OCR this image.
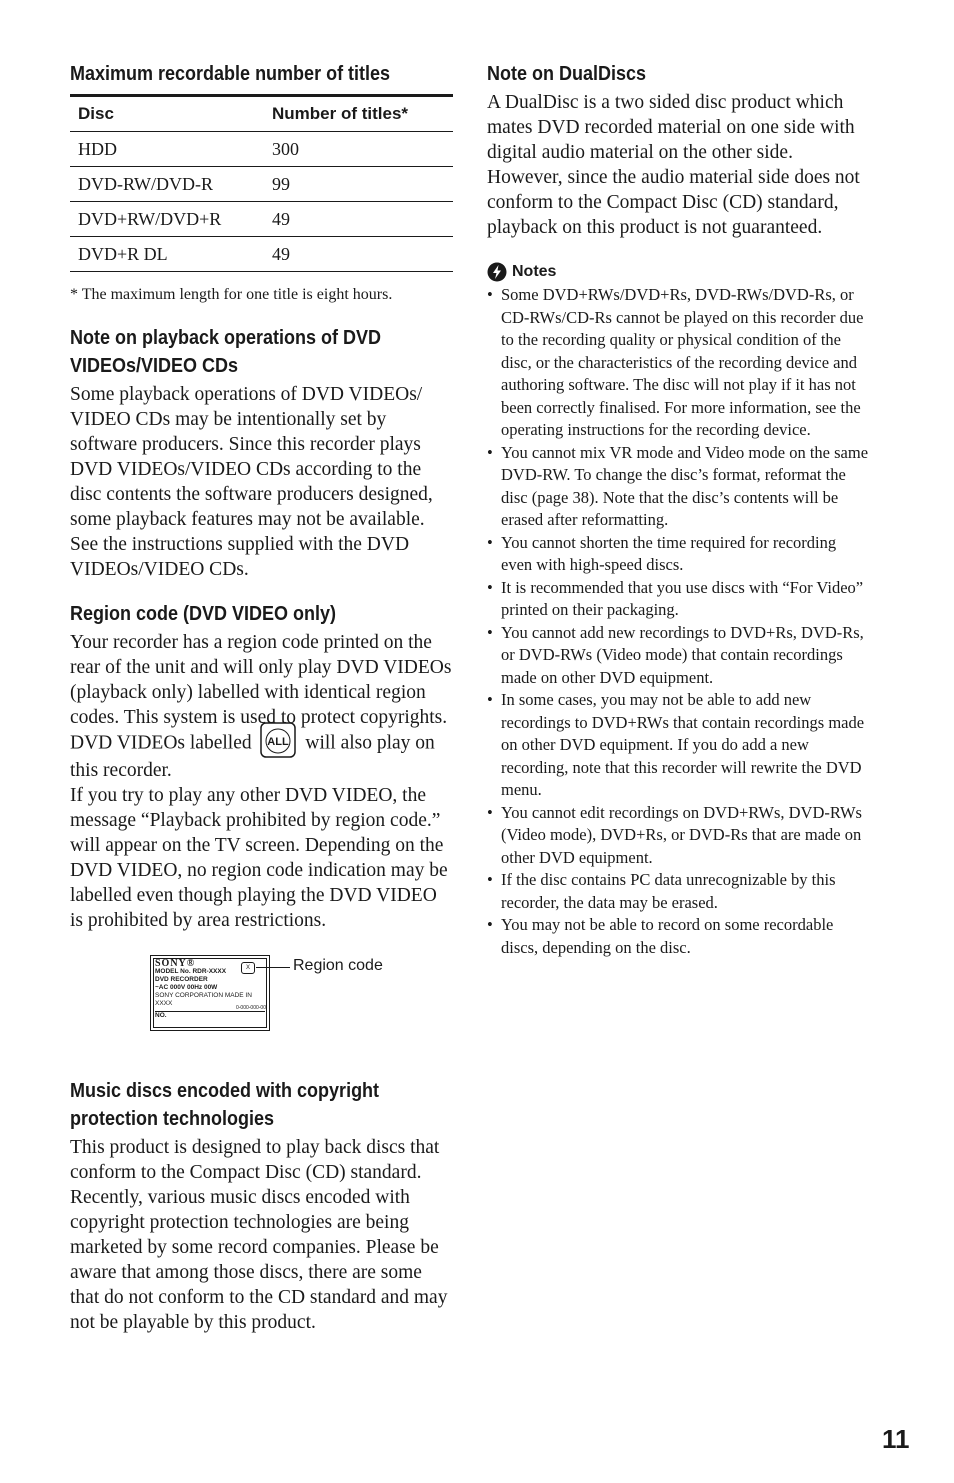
Maximum recordable number of titles
Disc	Number of titles*
HDD	300
DVD-RW/DVD-R	99
DVD+RW/DVD+R	49
DVD+R DL	49
* The maximum length for one title is eight hours.
Note on playback operations of DVD VIDEOs/VIDEO CDs

Some playback operations of DVD VIDEOs/ VIDEO CDs may be intentionally set by software producers. Since this recorder plays DVD VIDEOs/VIDEO CDs according to the disc contents the software producers designed, some playback features may not be available. See the instructions supplied with the DVD VIDEOs/VIDEO CDs.

Region code (DVD VIDEO only)

Your recorder has a region code printed on the rear of the unit and will only play DVD VIDEOs (playback only) labelled with identical region codes. This system is used to protect copyrights.

DVD VIDEOs labelled ALL will also play on this recorder.

If you try to play any other DVD VIDEO, the message “Playback prohibited by region code.” will appear on the TV screen. Depending on the DVD VIDEO, no region code indication may be labelled even though playing the DVD VIDEO is prohibited by area restrictions.

SONY®	X
MODEL No. RDR-XXXX
DVD RECORDER
~AC 000V 00Hz 00W
SONY CORPORATION MADE IN XXXX
NO.
0-000-000-00
Region code
Music discs encoded with copyright protection technologies

This product is designed to play back discs that conform to the Compact Disc (CD) standard.

Recently, various music discs encoded with copyright protection technologies are being marketed by some record companies. Please be aware that among those discs, there are some that do not conform to the CD standard and may not be playable by this product.

Note on DualDiscs

A DualDisc is a two sided disc product which mates DVD recorded material on one side with digital audio material on the other side. However, since the audio material side does not conform to the Compact Disc (CD) standard, playback on this product is not guaranteed.

Notes
• Some DVD+RWs/DVD+Rs, DVD-RWs/DVD-Rs, or CD-RWs/CD-Rs cannot be played on this recorder due to the recording quality or physical condition of the disc, or the characteristics of the recording device and authoring software. The disc will not play if it has not been correctly finalised. For more information, see the operating instructions for the recording device.
• You cannot mix VR mode and Video mode on the same DVD-RW. To change the disc’s format, reformat the disc (page 38). Note that the disc’s contents will be erased after reformatting.
• You cannot shorten the time required for recording even with high-speed discs.
• It is recommended that you use discs with “For Video” printed on their packaging.
• You cannot add new recordings to DVD+Rs, DVD-Rs, or DVD-RWs (Video mode) that contain recordings made on other DVD equipment.
• In some cases, you may not be able to add new recordings to DVD+RWs that contain recordings made on other DVD equipment. If you do add a new recording, note that this recorder will rewrite the DVD menu.
• You cannot edit recordings on DVD+RWs, DVD-RWs (Video mode), DVD+Rs, or DVD-Rs that are made on other DVD equipment.
• If the disc contains PC data unrecognizable by this recorder, the data may be erased.
• You may not be able to record on some recordable discs, depending on the disc.
11
